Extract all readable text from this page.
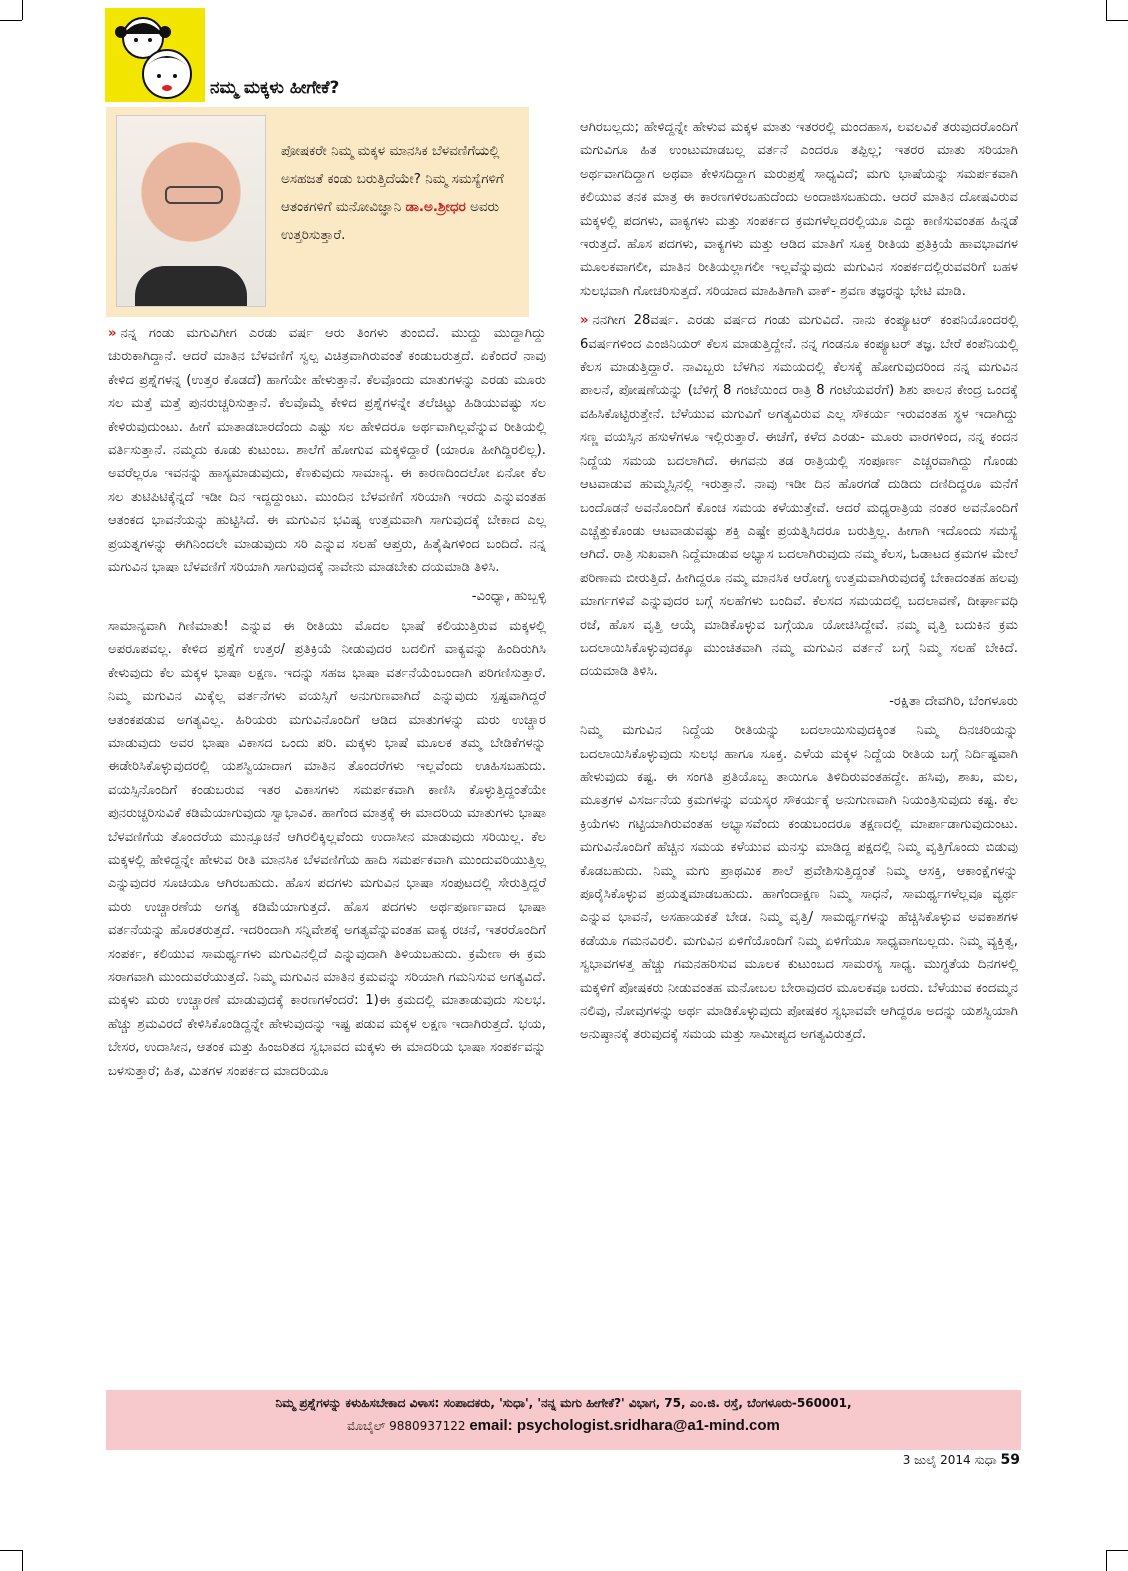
ನಮ್ಮ ಮಕ್ಕಳು ಹೀಗೇಕೆ?
ಪೋಷಕರೇ ನಿಮ್ಮ ಮಕ್ಕಳ ಮಾನಸಿಕ ಬೆಳವಣಿಗೆಯಲ್ಲಿ ಅಸಹಜತೆ ಕಂಡು ಬರುತ್ತಿದೆಯೇ? ನಿಮ್ಮ ಸಮಸ್ಯೆಗಳಿಗೆ ಆತಂಕಗಳಿಗೆ ಮನೋವಿಜ್ಞಾನಿ ಡಾ.ಅ.ಶ್ರೀಧರ ಅವರು ಉತ್ತರಿಸುತ್ತಾರೆ.

» ನನ್ನ ಗಂಡು ಮಗುವಿಗೀಗ ಎರಡು ವರ್ಷ ಆರು ತಿಂಗಳು ತುಂಬಿದೆ. ಮುದ್ದು ಮುದ್ದಾಗಿದ್ದು ಚುರುಕಾಗಿದ್ದಾನೆ. ಆದರೆ ಮಾತಿನ ಬೆಳವಣಿಗೆ ಸ್ವಲ್ಪ ವಿಚಿತ್ರವಾಗಿರುವಂತೆ ಕಂಡುಬರುತ್ತದೆ. ಏಕೆಂದರೆ ನಾವು ಕೇಳಿದ ಪ್ರಶ್ನೆಗಳನ್ನ (ಉತ್ತರ ಕೊಡದೆ) ಹಾಗೆಯೇ ಹೇಳುತ್ತಾನೆ. ಕೆಲವೊಂದು ಮಾತುಗಳನ್ನು ಎರಡು ಮೂರು ಸಲ ಮತ್ತೆ ಮತ್ತೆ ಪುನರುಚ್ಚರಿಸುತ್ತಾನೆ. ಕೆಲವೊಮ್ಮೆ ಕೇಳಿದ ಪ್ರಶ್ನೆಗಳನ್ನೇ ತಲೆಚಿಟ್ಟು ಹಿಡಿಯುವಷ್ಟು ಸಲ ಕೇಳಿರುವುದುಂಟು. ಹೀಗೆ ಮಾತಾಡಬಾರದೆಂದು ಎಷ್ಟು ಸಲ ಹೇಳಿದರೂ ಅರ್ಥವಾಗಿಲ್ಲವೆನ್ನುವ ರೀತಿಯಲ್ಲಿ ವರ್ತಿಸುತ್ತಾನೆ. ನಮ್ಮದು ಕೂಡು ಕುಟುಂಬ. ಶಾಲೆಗೆ ಹೋಗುವ ಮಕ್ಕಳಿದ್ದಾರೆ (ಯಾರೂ ಹೀಗಿದ್ದಿರಲಿಲ್ಲ). ಅವರೆಲ್ಲರೂ ಇವನನ್ನು ಹಾಸ್ಯಮಾಡುವುದು, ಕೆಣಕುವುದು ಸಾಮಾನ್ಯ. ಈ ಕಾರಣದಿಂದಲೋ ಏನೋ ಕೆಲ ಸಲ ತುಟಿಪಿಟಿಕ್ಕೆನ್ನದೆ ಇಡೀ ದಿನ ಇದ್ದದ್ದುಂಟು. ಮುಂದಿನ ಬೆಳವಣಿಗೆ ಸರಿಯಾಗಿ ಇರದು ಎನ್ನುವಂತಹ ಆತಂಕದ ಭಾವನೆಯನ್ನು ಹುಟ್ಟಿಸಿದೆ. ಈ ಮಗುವಿನ ಭವಿಷ್ಯ ಉತ್ತಮವಾಗಿ ಸಾಗುವುದಕ್ಕೆ ಬೇಕಾದ ಎಲ್ಲ ಪ್ರಯತ್ನಗಳನ್ನು ಈಗಿನಿಂದಲೇ ಮಾಡುವುದು ಸರಿ ಎನ್ನುವ ಸಲಹೆ ಆಪ್ತರು, ಹಿತೈಷಿಗಳಿಂದ ಬಂದಿದೆ. ನನ್ನ ಮಗುವಿನ ಭಾಷಾ ಬೆಳವಣಿಗೆ ಸರಿಯಾಗಿ ಸಾಗುವುದಕ್ಕೆ ನಾವೇನು ಮಾಡಬೇಕು ದಯಮಾಡಿ ತಿಳಿಸಿ.

-ವಿಂಧ್ಯಾ, ಹುಬ್ಬಳ್ಳಿ

ಸಾಮಾನ್ಯವಾಗಿ ಗಿಣಿಮಾತು! ಎನ್ನುವ ಈ ರೀತಿಯು ಮೊದಲ ಭಾಷೆ ಕಲಿಯುತ್ತಿರುವ ಮಕ್ಕಳಲ್ಲಿ ಅಪರೂಪವಲ್ಲ. ಕೇಳಿದ ಪ್ರಶ್ನೆಗೆ ಉತ್ತರ/ ಪ್ರತಿಕ್ರಿಯೆ ನೀಡುವುದರ ಬದಲಿಗೆ ವಾಕ್ಯವನ್ನು ಹಿಂದಿರುಗಿಸಿ ಕೇಳುವುದು ಕೆಲ ಮಕ್ಕಳ ಭಾಷಾ ಲಕ್ಷಣ. ಇದನ್ನು ಸಹಜ ಭಾಷಾ ವರ್ತನೆಯೆಂಬಂದಾಗಿ ಪರಿಗಣಿಸುತ್ತಾರೆ. ನಿಮ್ಮ ಮಗುವಿನ ಮಿಕ್ಕೆಲ್ಲ ವರ್ತನೆಗಳು ವಯಸ್ಸಿಗೆ ಅನುಗುಣವಾಗಿದೆ ಎನ್ನುವುದು ಸ್ಪಷ್ಟವಾಗಿದ್ದರೆ ಆತಂಕಪಡುವ ಅಗತ್ಯವಿಲ್ಲ. ಹಿರಿಯರು ಮಗುವಿನೊಂದಿಗೆ ಆಡಿದ ಮಾತುಗಳನ್ನು ಮರು ಉಚ್ಚಾರ ಮಾಡುವುದು ಅವರ ಭಾಷಾ ವಿಕಾಸದ ಒಂದು ಪರಿ. ಮಕ್ಕಳು ಭಾಷೆ ಮೂಲಕ ತಮ್ಮ ಬೇಡಿಕೆಗಳನ್ನು ಈಡೇರಿಸಿಕೊಳ್ಳುವುದರಲ್ಲಿ ಯಶಸ್ವಿಯಾದಾಗ ಮಾತಿನ ತೊಂದರೆಗಳು ಇಲ್ಲವೆಂದು ಊಹಿಸಬಹುದು. ವಯಸ್ಸಿನೊಂದಿಗೆ ಕಂಡುಬರುವ ಇತರ ವಿಕಾಸಗಳು ಸಮರ್ಪಕವಾಗಿ ಕಾಣಿಸಿ ಕೊಳ್ಳುತ್ತಿದ್ದಂತೆಯೇ ಪುನರುಚ್ಚರಿಸುವಿಕೆ ಕಡಿಮೆಯಾಗುವುದು ಸ್ವಾಭಾವಿಕ. ಹಾಗೆಂದ ಮಾತ್ರಕ್ಕೆ ಈ ಮಾದರಿಯ ಮಾತುಗಳು ಭಾಷಾ ಬೆಳವಣಿಗೆಯ ತೊಂದರೆಯ ಮುನ್ಸೂಚನೆ ಆಗಿರಲಿಕ್ಕಿಲ್ಲವೆಂದು ಉದಾಸೀನ ಮಾಡುವುದು ಸರಿಯಿಲ್ಲ. ಕೆಲ ಮಕ್ಕಳಲ್ಲಿ ಹೇಳಿದ್ದನ್ನೇ ಹೇಳುವ ರೀತಿ ಮಾನಸಿಕ ಬೆಳವಣಿಗೆಯ ಹಾದಿ ಸಮರ್ಪಕವಾಗಿ ಮುಂದುವರಿಯುತ್ತಿಲ್ಲ ಎನ್ನುವುದರ ಸೂಚಿಯೂ ಆಗಿರಬಹುದು. ಹೊಸ ಪದಗಳು ಮಗುವಿನ ಭಾಷಾ ಸಂಪುಟದಲ್ಲಿ ಸೇರುತ್ತಿದ್ದರೆ ಮರು ಉಚ್ಚಾರಣೆಯ ಅಗತ್ಯ ಕಡಿಮೆಯಾಗುತ್ತದೆ. ಹೊಸ ಪದಗಳು ಅರ್ಥಪೂರ್ಣವಾದ ಭಾಷಾ ವರ್ತನೆಯನ್ನು ಹೊರತರುತ್ತದೆ. ಇದರಿಂದಾಗಿ ಸನ್ನಿವೇಶಕ್ಕೆ ಅಗತ್ಯವೆನ್ನುವಂತಹ ವಾಕ್ಯ ರಚನೆ, ಇತರರೊಂದಿಗೆ ಸಂಪರ್ಕ, ಕಲಿಯುವ ಸಾಮರ್ಥ್ಯಗಳು ಮಗುವಿನಲ್ಲಿದೆ ಎನ್ನುವುದಾಗಿ ತಿಳಿಯಬಹುದು. ಕ್ರಮೇಣ ಈ ಕ್ರಮ ಸರಾಗವಾಗಿ ಮುಂದುವರೆಯುತ್ತದೆ. ನಿಮ್ಮ ಮಗುವಿನ ಮಾತಿನ ಕ್ರಮವನ್ನು ಸರಿಯಾಗಿ ಗಮನಿಸುವ ಅಗತ್ಯವಿದೆ. ಮಕ್ಕಳು ಮರು ಉಚ್ಚಾರಣೆ ಮಾಡುವುದಕ್ಕೆ ಕಾರಣಗಳೆಂದರೆ: 1)ಈ ಕ್ರಮದಲ್ಲಿ ಮಾತಾಡುವುದು ಸುಲಭ. ಹೆಚ್ಚು ಶ್ರಮವಿರದೆ ಕೇಳಿಸಿಕೊಂಡಿದ್ದನ್ನೇ ಹೇಳುವುದನ್ನು ಇಷ್ಟ ಪಡುವ ಮಕ್ಕಳ ಲಕ್ಷಣ ಇದಾಗಿರುತ್ತದೆ. ಭಯ, ಬೇಸರ, ಉದಾಸೀನ, ಆತಂಕ ಮತ್ತು ಹಿಂಜರಿತದ ಸ್ವಭಾವದ ಮಕ್ಕಳು ಈ ಮಾದರಿಯ ಭಾಷಾ ಸಂಪರ್ಕವನ್ನು ಬಳಸುತ್ತಾರೆ; ಹಿತ, ಮಿತಗಳ ಸಂಪರ್ಕದ ಮಾದರಿಯೂ

ಆಗಿರಬಲ್ಲದು; ಹೇಳಿದ್ದನ್ನೇ ಹೇಳುವ ಮಕ್ಕಳ ಮಾತು ಇತರರಲ್ಲಿ ಮಂದಹಾಸ, ಲವಲವಿಕೆ ತರುವುದರೊಂದಿಗೆ ಮಗುವಿಗೂ ಹಿತ ಉಂಟುಮಾಡಬಲ್ಲ ವರ್ತನೆ ಎಂದರೂ ತಪ್ಪಿಲ್ಲ; ಇತರರ ಮಾತು ಸರಿಯಾಗಿ ಅರ್ಥವಾಗದಿದ್ದಾಗ ಅಥವಾ ಕೇಳಿಸದಿದ್ದಾಗ ಮರುಪ್ರಶ್ನೆ ಸಾಧ್ಯವಿದೆ; ಮಗು ಭಾಷೆಯನ್ನು ಸಮರ್ಪಕವಾಗಿ ಕಲಿಯುವ ತನಕ ಮಾತ್ರ ಈ ಕಾರಣಗಳಿರಬಹುದೆಂದು ಅಂದಾಜಿಸಬಹುದು. ಆದರೆ ಮಾತಿನ ದೋಷವಿರುವ ಮಕ್ಕಳಲ್ಲಿ ಪದಗಳು, ವಾಕ್ಯಗಳು ಮತ್ತು ಸಂಪರ್ಕದ ಕ್ರಮಗಳೆಲ್ಲದರಲ್ಲಿಯೂ ಎದ್ದು ಕಾಣಿಸುವಂತಹ ಹಿನ್ನಡೆ ಇರುತ್ತದೆ. ಹೊಸ ಪದಗಳು, ವಾಕ್ಯಗಳು ಮತ್ತು ಆಡಿದ ಮಾತಿಗೆ ಸೂಕ್ತ ರೀತಿಯ ಪ್ರತಿಕ್ರಿಯೆ ಹಾವಭಾವಗಳ ಮೂಲಕವಾಗಲೀ, ಮಾತಿನ ರೀತಿಯಲ್ಲಾಗಲೀ ಇಲ್ಲವೆನ್ನುವುದು ಮಗುವಿನ ಸಂಪರ್ಕದಲ್ಲಿರುವವರಿಗೆ ಬಹಳ ಸುಲಭವಾಗಿ ಗೋಚರಿಸುತ್ತದೆ. ಸರಿಯಾದ ಮಾಹಿತಿಗಾಗಿ ವಾಕ್- ಶ್ರವಣ ತಜ್ಞರನ್ನು ಭೇಟಿ ಮಾಡಿ.

» ನನಗೀಗ 28ವರ್ಷ. ಎರಡು ವರ್ಷದ ಗಂಡು ಮಗುವಿದೆ. ನಾನು ಕಂಪ್ಯೂಟರ್ ಕಂಪನಿಯೊಂದರಲ್ಲಿ 6ವರ್ಷಗಳಿಂದ ಎಂಜಿನಿಯರ್ ಕೆಲಸ ಮಾಡುತ್ತಿದ್ದೇನೆ. ನನ್ನ ಗಂಡನೂ ಕಂಪ್ಯೂಟರ್ ತಜ್ಞ. ಬೇರೆ ಕಂಪೆನಿಯಲ್ಲಿ ಕೆಲಸ ಮಾಡುತ್ತಿದ್ದಾರೆ. ನಾವಿಬ್ಬರು ಬೆಳಗಿನ ಸಮಯದಲ್ಲಿ ಕೆಲಸಕ್ಕೆ ಹೋಗುವುದರಿಂದ ನನ್ನ ಮಗುವಿನ ಪಾಲನೆ, ಪೋಷಣೆಯನ್ನು (ಬೆಳಿಗ್ಗೆ 8 ಗಂಟೆಯಿಂದ ರಾತ್ರಿ 8 ಗಂಟೆಯವರೆಗೆ) ಶಿಶು ಪಾಲನ ಕೇಂದ್ರ ಒಂದಕ್ಕೆ ವಹಿಸಿಕೊಟ್ಟಿರುತ್ತೇನೆ. ಬೆಳೆಯುವ ಮಗುವಿಗೆ ಅಗತ್ಯವಿರುವ ಎಲ್ಲ ಸೌಕರ್ಯ ಇರುವಂತಹ ಸ್ಥಳ ಇದಾಗಿದ್ದು ಸಣ್ಣ ವಯಸ್ಸಿನ ಹಸುಳೆಗಳೂ ಇಲ್ಲಿರುತ್ತಾರೆ. ಈಚೆಗೆ, ಕಳೆದ ಎರಡು- ಮೂರು ವಾರಗಳಿಂದ, ನನ್ನ ಕಂದನ ನಿದ್ದೆಯ ಸಮಯ ಬದಲಾಗಿದೆ. ಈಗವನು ತಡ ರಾತ್ರಿಯಲ್ಲಿ ಸಂಪೂರ್ಣ ಎಚ್ಚರವಾಗಿದ್ದು ಗೊಂಡು ಆಟವಾಡುವ ಹುಮ್ಮಸ್ಸಿನಲ್ಲಿ ಇರುತ್ತಾನೆ. ನಾವು ಇಡೀ ದಿನ ಹೊರಗಡೆ ದುಡಿದು ದಣಿದಿದ್ದರೂ ಮನೆಗೆ ಬಂದೊಡನೆ ಅವನೊಂದಿಗೆ ಕೊಂಚ ಸಮಯ ಕಳೆಯುತ್ತೇವೆ. ಆದರೆ ಮಧ್ಯರಾತ್ರಿಯ ನಂತರ ಅವನೊಂದಿಗೆ ಎಚ್ಚೆತ್ತುಕೊಂಡು ಆಟವಾಡುವಷ್ಟು ಶಕ್ತಿ ಎಷ್ಟೇ ಪ್ರಯತ್ನಿಸಿದರೂ ಬರುತ್ತಿಲ್ಲ. ಹೀಗಾಗಿ ಇದೊಂದು ಸಮಸ್ಯೆ ಆಗಿದೆ. ರಾತ್ರಿ ಸುಖವಾಗಿ ನಿದ್ದೆಮಾಡುವ ಅಭ್ಯಾಸ ಬದಲಾಗಿರುವುದು ನಮ್ಮ ಕೆಲಸ, ಓಡಾಟದ ಕ್ರಮಗಳ ಮೇಲೆ ಪರಿಣಾಮ ಬೀರುತ್ತಿದೆ. ಹೀಗಿದ್ದರೂ ನಮ್ಮ ಮಾನಸಿಕ ಆರೋಗ್ಯ ಉತ್ತಮವಾಗಿರುವುದಕ್ಕೆ ಬೇಕಾದಂತಹ ಹಲವು ಮಾರ್ಗಗಳಿವೆ ಎನ್ನುವುದರ ಬಗ್ಗೆ ಸಲಹೆಗಳು ಬಂದಿವೆ. ಕೆಲಸದ ಸಮಯದಲ್ಲಿ ಬದಲಾವಣೆ, ದೀರ್ಘಾವಧಿ ರಜೆ, ಹೊಸ ವೃತ್ತಿ ಆಯ್ಕೆ ಮಾಡಿಕೊಳ್ಳುವ ಬಗ್ಗೆಯೂ ಯೋಚಿಸಿದ್ದೇವೆ. ನಮ್ಮ ವೃತ್ತಿ ಬದುಕಿನ ಕ್ರಮ ಬದಲಾಯಿಸಿಕೊಳ್ಳುವುದಕ್ಕೂ ಮುಂಚಿತವಾಗಿ ನಮ್ಮ ಮಗುವಿನ ವರ್ತನೆ ಬಗ್ಗೆ ನಿಮ್ಮ ಸಲಹೆ ಬೇಕಿದೆ. ದಯಮಾಡಿ ತಿಳಿಸಿ.

-ರಕ್ಷಿತಾ ದೇವಗಿರಿ, ಬೆಂಗಳೂರು

ನಿಮ್ಮ ಮಗುವಿನ ನಿದ್ದೆಯ ರೀತಿಯನ್ನು ಬದಲಾಯಿಸುವುದಕ್ಕಿಂತ ನಿಮ್ಮ ದಿನಚರಿಯನ್ನು ಬದಲಾಯಿಸಿಕೊಳ್ಳುವುದು ಸುಲಭ ಹಾಗೂ ಸೂಕ್ತ. ಎಳೆಯ ಮಕ್ಕಳ ನಿದ್ದೆಯ ರೀತಿಯ ಬಗ್ಗೆ ನಿರ್ದಿಷ್ಟವಾಗಿ ಹೇಳುವುದು ಕಷ್ಟ. ಈ ಸಂಗತಿ ಪ್ರತಿಯೊಬ್ಬ ತಾಯಿಗೂ ತಿಳಿದಿರುವಂತಹದ್ದೇ. ಹಸಿವು, ಶಾಖ, ಮಲ, ಮೂತ್ರಗಳ ವಿಸರ್ಜನೆಯ ಕ್ರಮಗಳನ್ನು ವಯಸ್ಕರ ಸೌಕರ್ಯಕ್ಕೆ ಅನುಗುಣವಾಗಿ ನಿಯಂತ್ರಿಸುವುದು ಕಷ್ಟ. ಕೆಲ ಕ್ರಿಯೆಗಳು ಗಟ್ಟಿಯಾಗಿರುವಂತಹ ಅಭ್ಯಾಸವೆಂದು ಕಂಡುಬಂದರೂ ತಕ್ಷಣದಲ್ಲಿ ಮಾರ್ಪಾಡಾಗುವುದುಂಟು. ಮಗುವಿನೊಂದಿಗೆ ಹೆಚ್ಚಿನ ಸಮಯ ಕಳೆಯುವ ಮನಸ್ಸು ಮಾಡಿದ್ದ ಪಕ್ಷದಲ್ಲಿ ನಿಮ್ಮ ವೃತ್ತಿಗೊಂದು ಬಿಡುವು ಕೊಡಬಹುದು. ನಿಮ್ಮ ಮಗು ಪ್ರಾಥಮಿಕ ಶಾಲೆ ಪ್ರವೇಶಿಸುತ್ತಿದ್ದಂತೆ ನಿಮ್ಮ ಆಸಕ್ತಿ, ಆಕಾಂಕ್ಷೆಗಳನ್ನು ಪೂರೈಸಿಕೊಳ್ಳುವ ಪ್ರಯತ್ನಮಾಡಬಹುದು. ಹಾಗೆಂದಾಕ್ಷಣ ನಿಮ್ಮ ಸಾಧನೆ, ಸಾಮರ್ಥ್ಯಗಳೆಲ್ಲವೂ ವ್ಯರ್ಥ ಎನ್ನುವ ಭಾವನೆ, ಅಸಹಾಯಕತೆ ಬೇಡ. ನಿಮ್ಮ ವೃತ್ತಿ/ ಸಾಮರ್ಥ್ಯಗಳನ್ನು ಹೆಚ್ಚಿಸಿಕೊಳ್ಳುವ ಅವಕಾಶಗಳ ಕಡೆಯೂ ಗಮನವಿರಲಿ. ಮಗುವಿನ ಏಳಿಗೆಯೊಂದಿಗೆ ನಿಮ್ಮ ಏಳಿಗೆಯೂ ಸಾಧ್ಯವಾಗಬಲ್ಲದು. ನಿಮ್ಮ ವ್ಯಕ್ತಿತ್ವ, ಸ್ವಭಾವಗಳತ್ತ ಹೆಚ್ಚು ಗಮನಹರಿಸುವ ಮೂಲಕ ಕುಟುಂಬದ ಸಾಮರಸ್ಯ ಸಾಧ್ಯ. ಮುಗ್ಧತೆಯ ದಿನಗಳಲ್ಲಿ ಮಕ್ಕಳಿಗೆ ಪೋಷಕರು ನೀಡುವಂತಹ ಮನೋಬಲ ಬೇರಾವುದರ ಮೂಲಕವೂ ಬರದು. ಬೆಳೆಯುವ ಕಂದಮ್ಮನ ನಲಿವು, ನೋವುಗಳನ್ನು ಅರ್ಥ ಮಾಡಿಕೊಳ್ಳುವುದು ಪೋಷಕರ ಸ್ವಭಾವವೇ ಆಗಿದ್ದರೂ ಅದನ್ನು ಯಶಸ್ವಿಯಾಗಿ ಅನುಷ್ಠಾನಕ್ಕೆ ತರುವುದಕ್ಕೆ ಸಮಯ ಮತ್ತು ಸಾಮೀಪ್ಯದ ಅಗತ್ಯವಿರುತ್ತದೆ.

ನಿಮ್ಮ ಪ್ರಶ್ನೆಗಳನ್ನು ಕಳುಹಿಸಬೇಕಾದ ವಿಳಾಸ: ಸಂಪಾದಕರು, 'ಸುಧಾ', 'ನನ್ನ ಮಗು ಹೀಗೇಕೆ?' ವಿಭಾಗ, 75, ಎಂ.ಜಿ. ರಸ್ತೆ, ಬೆಂಗಳೂರು-560001,
ಮೊಬೈಲ್ 9880937122 email: psychologist.sridhara@a1-mind.com
3 ಜುಲೈ 2014 ಸುಧಾ 59
